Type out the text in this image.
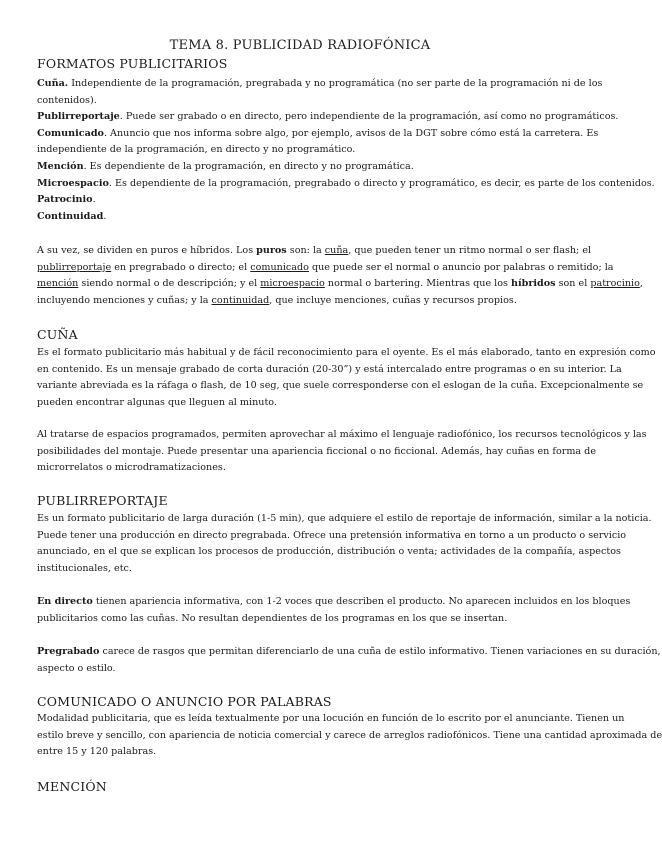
TEMA 8. PUBLICIDAD RADIOFÓNICA
FORMATOS PUBLICITARIOS
Cuña. Independiente de la programación, pregrabada y no programática (no ser parte de la programación ni de los
contenidos).
Publirreportaje. Puede ser grabado o en directo, pero independiente de la programación, así como no programáticos.
Comunicado. Anuncio que nos informa sobre algo, por ejemplo, avisos de la DGT sobre cómo está la carretera. Es
independiente de la programación, en directo y no programático.
Mención. Es dependiente de la programación, en directo y no programática.
Microespacio. Es dependiente de la programación, pregrabado o directo y programático, es decir, es parte de los contenidos.
Patrocinio.
Continuidad.
A su vez, se dividen en puros e híbridos. Los puros son: la cuña, que pueden tener un ritmo normal o ser flash; el
publirreportaje en pregrabado o directo; el comunicado que puede ser el normal o anuncio por palabras o remitido; la
mención siendo normal o de descripción; y el microespacio normal o bartering. Mientras que los híbridos son el patrocinio,
incluyendo menciones y cuñas; y la continuidad, que incluye menciones, cuñas y recursos propios.
CUÑA
Es el formato publicitario más habitual y de fácil reconocimiento para el oyente. Es el más elaborado, tanto en expresión como
en contenido. Es un mensaje grabado de corta duración (20-30”) y está intercalado entre programas o en su interior. La
variante abreviada es la ráfaga o flash, de 10 seg, que suele corresponderse con el eslogan de la cuña. Excepcionalmente se
pueden encontrar algunas que lleguen al minuto.
Al tratarse de espacios programados, permiten aprovechar al máximo el lenguaje radiofónico, los recursos tecnológicos y las
posibilidades del montaje. Puede presentar una apariencia ficcional o no ficcional. Además, hay cuñas en forma de
microrrelatos o microdramatizaciones.
PUBLIRREPORTAJE
Es un formato publicitario de larga duración (1-5 min), que adquiere el estilo de reportaje de información, similar a la noticia.
Puede tener una producción en directo pregrabada. Ofrece una pretensión informativa en torno a un producto o servicio
anunciado, en el que se explican los procesos de producción, distribución o venta; actividades de la compañía, aspectos
institucionales, etc.
En directo tienen apariencia informativa, con 1-2 voces que describen el producto. No aparecen incluidos en los bloques
publicitarios como las cuñas. No resultan dependientes de los programas en los que se insertan.
Pregrabado carece de rasgos que permitan diferenciarlo de una cuña de estilo informativo. Tienen variaciones en su duración,
aspecto o estilo.
COMUNICADO O ANUNCIO POR PALABRAS
Modalidad publicitaria, que es leída textualmente por una locución en función de lo escrito por el anunciante. Tienen un
estilo breve y sencillo, con apariencia de noticia comercial y carece de arreglos radiofónicos. Tiene una cantidad aproximada de
entre 15 y 120 palabras.
MENCIÓN
